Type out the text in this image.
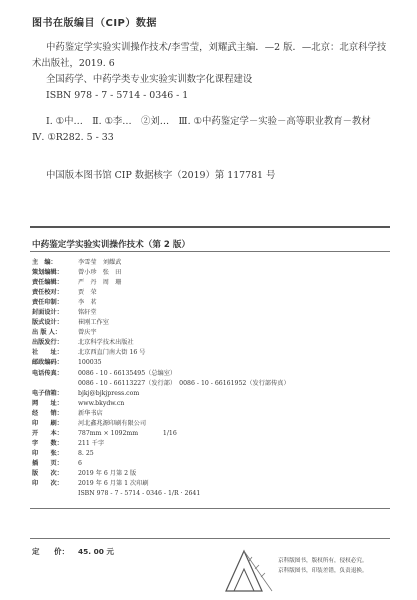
图书在版编目（CIP）数据

中药鉴定学实验实训操作技术/李雪莹，刘耀武主编．—2 版．—北京：北京科学技术出版社，2019. 6

全国药学、中药学类专业实验实训数字化课程建设

ISBN 978 - 7 - 5714 - 0346 - 1

Ⅰ. ①中…　Ⅱ. ①李…　②刘…　Ⅲ. ①中药鉴定学－实验－高等职业教育－教材　Ⅳ. ①R282. 5 - 33

中国版本图书馆 CIP 数据核字（2019）第 117781 号

中药鉴定学实验实训操作技术（第 2 版）
主　编：	李雪莹　刘耀武
策划编辑：	曾小珍　张　田
责任编辑：	严　丹　周　珊
责任校对：	贾　荣
责任印制：	李　茗
封面设计：	铭轩堂
版式设计：	崔刚工作室
出 版 人：	曾庆宇
出版发行：	北京科学技术出版社
社　　址：	北京西直门南大街 16 号
邮政编码：	100035
电话传真：	0086 - 10 - 66135495（总编室）
0086 - 10 - 66113227（发行部）　0086 - 10 - 66161952（发行部传真）
电子信箱：	bjkj@bjkjpress.com
网　　址：	www.bkydw.cn
经　　销：	新华书店
印　　刷：	河北鑫兆源印刷有限公司
开　　本：	787mm × 1092mm　　　　1/16
字　　数：	211 千字
印　　张：	8. 25
插　　页：	6
版　　次：	2019 年 6 月第 2 版
印　　次：	2019 年 6 月第 1 次印刷
ISBN 978 - 7 - 5714 - 0346 - 1/R · 2641
定　　价： 45. 00 元
京科版图书，版权所有，侵权必究。
京科版图书，印装差错，负责退换。
